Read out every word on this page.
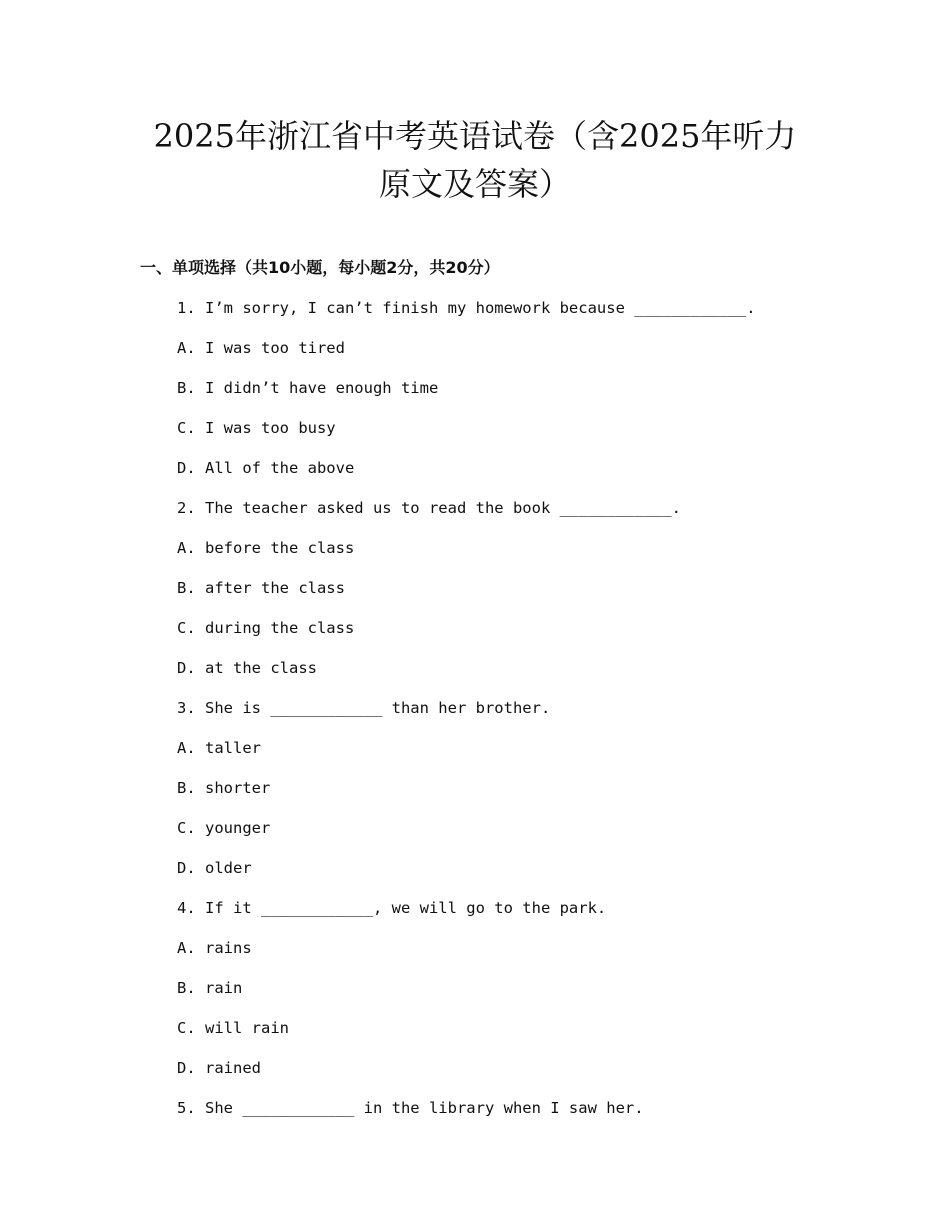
2025年浙江省中考英语试卷（含2025年听力
原文及答案）
一、单项选择（共10小题，每小题2分，共20分）
1. I’m sorry, I can’t finish my homework because ____________.
A. I was too tired
B. I didn’t have enough time
C. I was too busy
D. All of the above
2. The teacher asked us to read the book ____________.
A. before the class
B. after the class
C. during the class
D. at the class
3. She is ____________ than her brother.
A. taller
B. shorter
C. younger
D. older
4. If it ____________, we will go to the park.
A. rains
B. rain
C. will rain
D. rained
5. She ____________ in the library when I saw her.
